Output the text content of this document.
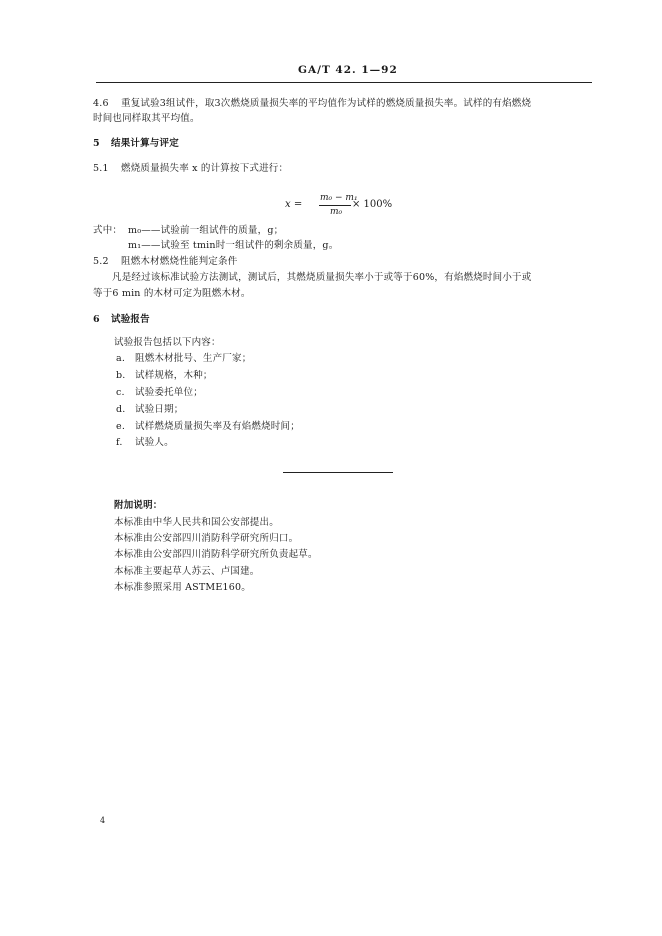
GA/T 42. 1—92
4.6 重复试验3组试件，取3次燃烧质量损失率的平均值作为试样的燃烧质量损失率。试样的有焰燃烧
时间也同样取其平均值。
5 结果计算与评定
5.1 燃烧质量损失率 x 的计算按下式进行：
x =
m₀ − m₁
m₀
× 100%
式中： m₀——试验前一组试件的质量，g；
m₁——试验至 tmin时一组试件的剩余质量，g。
5.2 阻燃木材燃烧性能判定条件
凡是经过该标准试验方法测试，测试后，其燃烧质量损失率小于或等于60%，有焰燃烧时间小于或
等于6 min 的木材可定为阻燃木材。
6 试验报告
试验报告包括以下内容：
a. 阻燃木材批号、生产厂家；
b. 试样规格，木种；
c. 试验委托单位；
d. 试验日期；
e. 试样燃烧质量损失率及有焰燃烧时间；
f. 试验人。
附加说明：
本标准由中华人民共和国公安部提出。
本标准由公安部四川消防科学研究所归口。
本标准由公安部四川消防科学研究所负责起草。
本标准主要起草人苏云、卢国建。
本标准参照采用 ASTME160。
4
